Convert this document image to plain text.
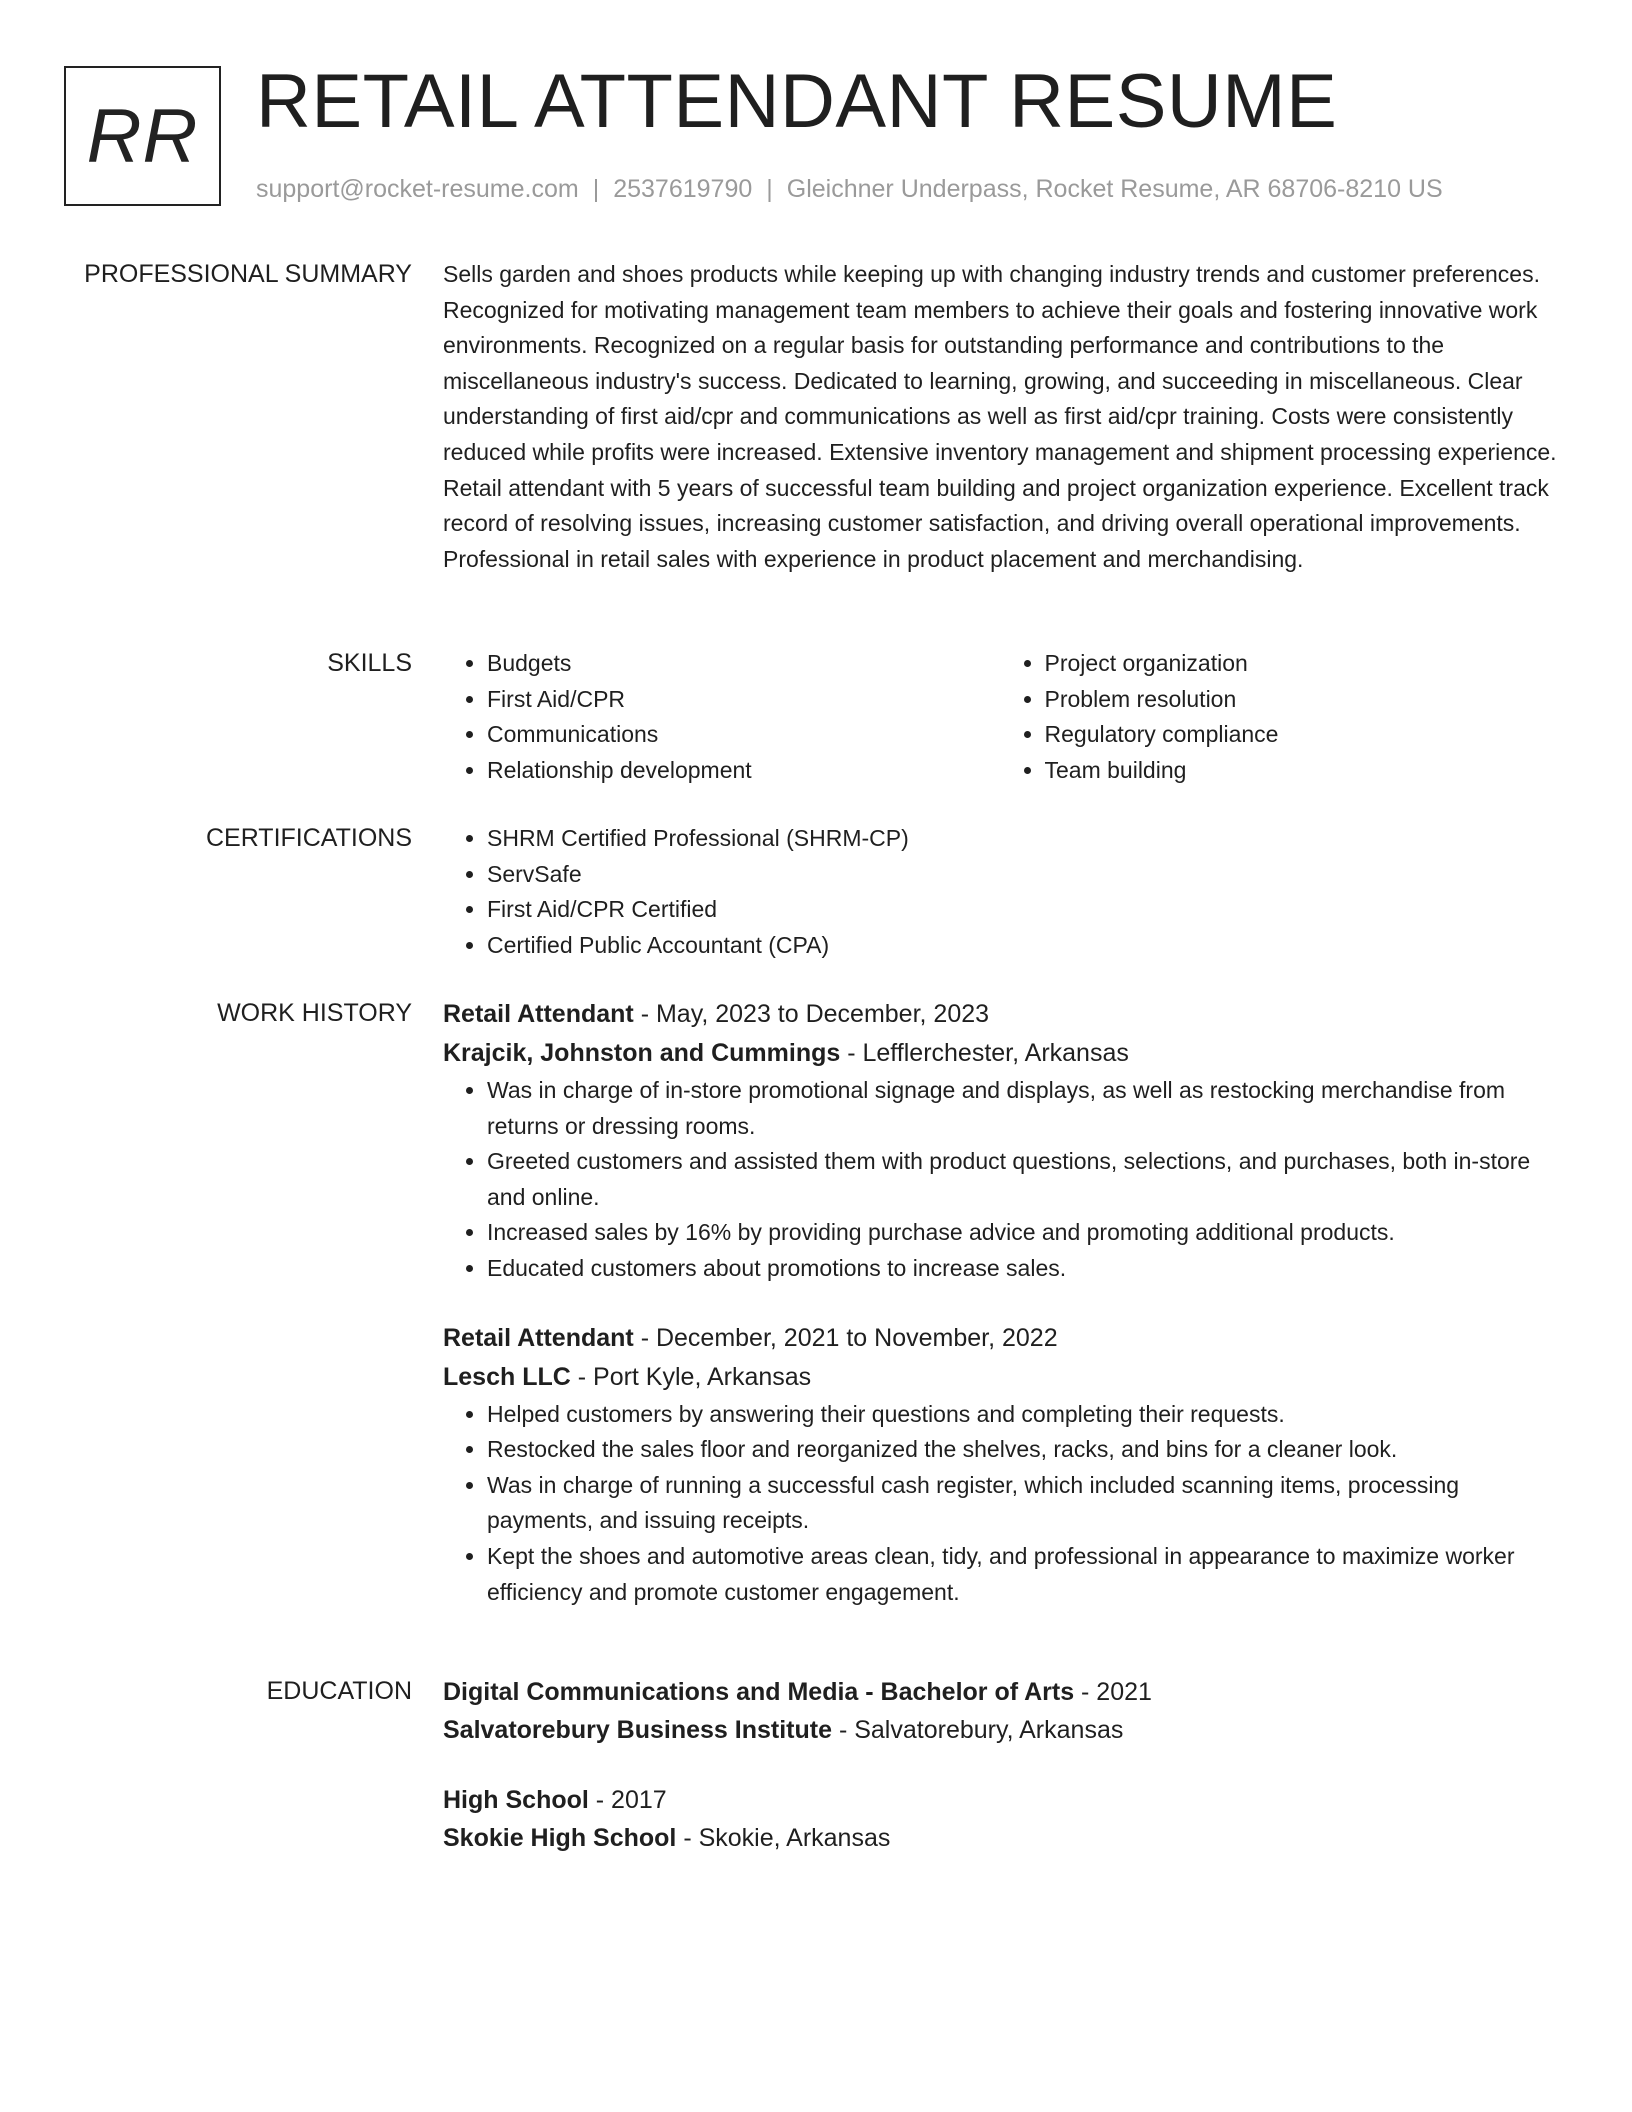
RR RETAIL ATTENDANT RESUME
support@rocket-resume.com | 2537619790 | Gleichner Underpass, Rocket Resume, AR 68706-8210 US
PROFESSIONAL SUMMARY Sells garden and shoes products while keeping up with changing industry trends and customer preferences. Recognized for motivating management team members to achieve their goals and fostering innovative work environments. Recognized on a regular basis for outstanding performance and contributions to the miscellaneous industry's success. Dedicated to learning, growing, and succeeding in miscellaneous. Clear understanding of first aid/cpr and communications as well as first aid/cpr training. Costs were consistently reduced while profits were increased. Extensive inventory management and shipment processing experience. Retail attendant with 5 years of successful team building and project organization experience. Excellent track record of resolving issues, increasing customer satisfaction, and driving overall operational improvements. Professional in retail sales with experience in product placement and merchandising.

SKILLS	• Budgets
• First Aid/CPR
• Communications
• Relationship development
• Project organization
• Problem resolution
• Regulatory compliance
• Team building
CERTIFICATIONS	• SHRM Certified Professional (SHRM-CP)
• ServSafe
• First Aid/CPR Certified
• Certified Public Accountant (CPA)
WORK HISTORY Retail Attendant - May, 2023 to December, 2023
Krajcik, Johnston and Cummings - Lefflerchester, Arkansas
• Was in charge of in-store promotional signage and displays, as well as restocking merchandise from returns or dressing rooms.
• Greeted customers and assisted them with product questions, selections, and purchases, both in-store and online.
• Increased sales by 16% by providing purchase advice and promoting additional products.
• Educated customers about promotions to increase sales.
Retail Attendant - December, 2021 to November, 2022
Lesch LLC - Port Kyle, Arkansas
• Helped customers by answering their questions and completing their requests.
• Restocked the sales floor and reorganized the shelves, racks, and bins for a cleaner look.
• Was in charge of running a successful cash register, which included scanning items, processing payments, and issuing receipts.
• Kept the shoes and automotive areas clean, tidy, and professional in appearance to maximize worker efficiency and promote customer engagement.
EDUCATION Digital Communications and Media - Bachelor of Arts - 2021
Salvatorebury Business Institute - Salvatorebury, Arkansas
High School - 2017
Skokie High School - Skokie, Arkansas
